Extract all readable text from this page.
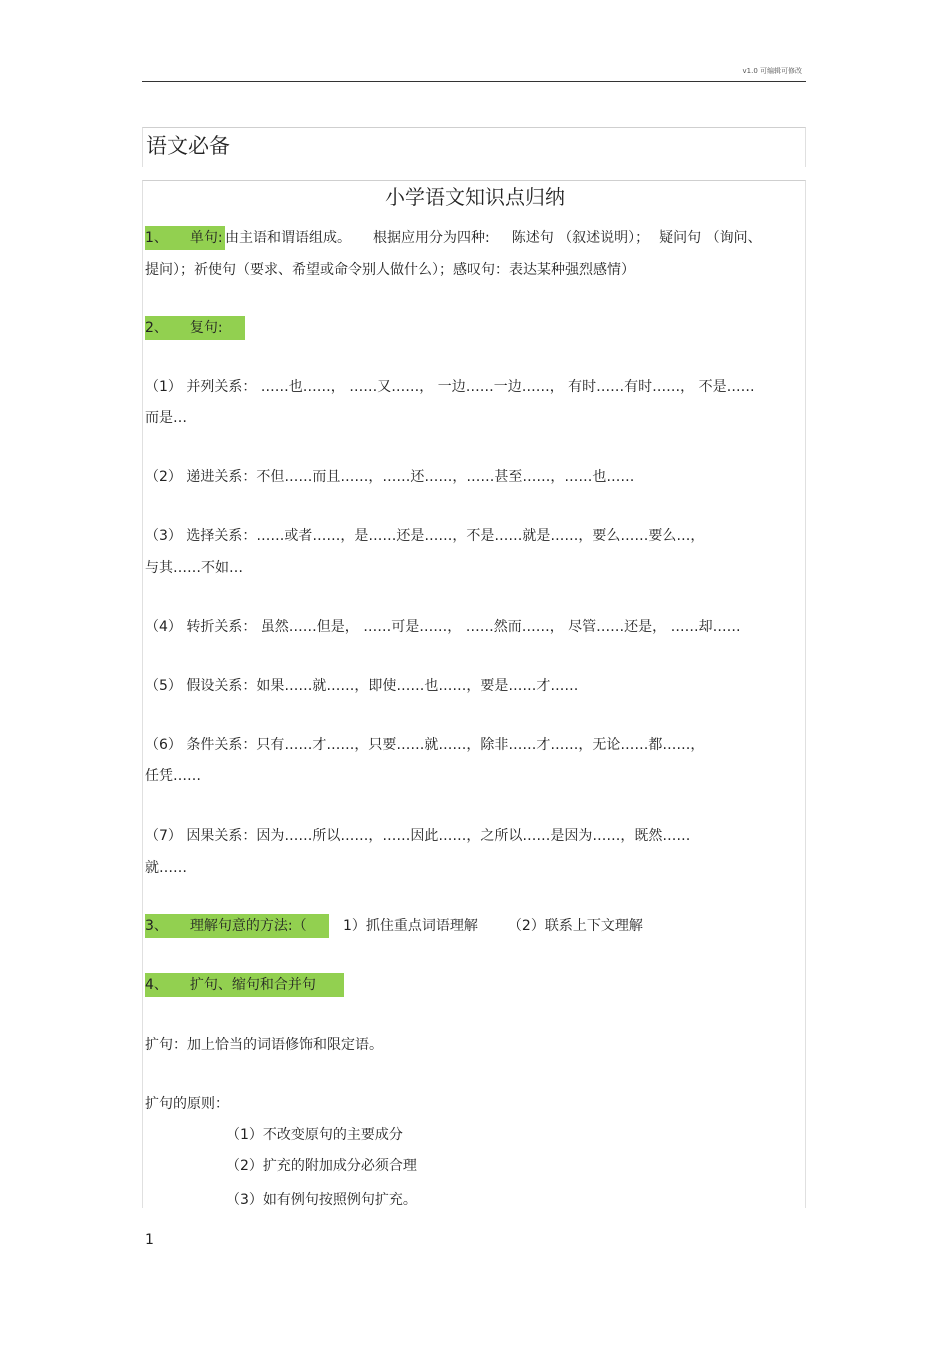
v1.0 可编辑可修改
语文必备
小学语文知识点归纳
1、 单句: 由主语和谓语组成。 根据应用分为四种: 陈述句 （叙述说明）； 疑问句 （询问、
提问）；祈使句（要求、希望或命令别人做什么）；感叹句：表达某种强烈感情）
2、 复句:
（1） 并列关系： ……也……， ……又……， 一边……一边……， 有时……有时……， 不是……
而是…
（2） 递进关系：不但……而且……，……还……，……甚至……，……也……
（3） 选择关系：……或者……，是……还是……，不是……就是……，要么……要么…，
与其……不如…
（4） 转折关系： 虽然……但是， ……可是……， ……然而……， 尽管……还是， ……却……
（5） 假设关系：如果……就……，即使……也……，要是……才……
（6） 条件关系：只有……才……，只要……就……，除非……才……，无论……都……，
任凭……
（7） 因果关系：因为……所以……，……因此……，之所以……是因为……，既然……
就……
3、 理解句意的方法:（	1）抓住重点词语理解 （2）联系上下文理解
4、 扩句、缩句和合并句
扩句：加上恰当的词语修饰和限定语。
扩句的原则：
（1）不改变原句的主要成分
（2）扩充的附加成分必须合理
（3）如有例句按照例句扩充。
1
